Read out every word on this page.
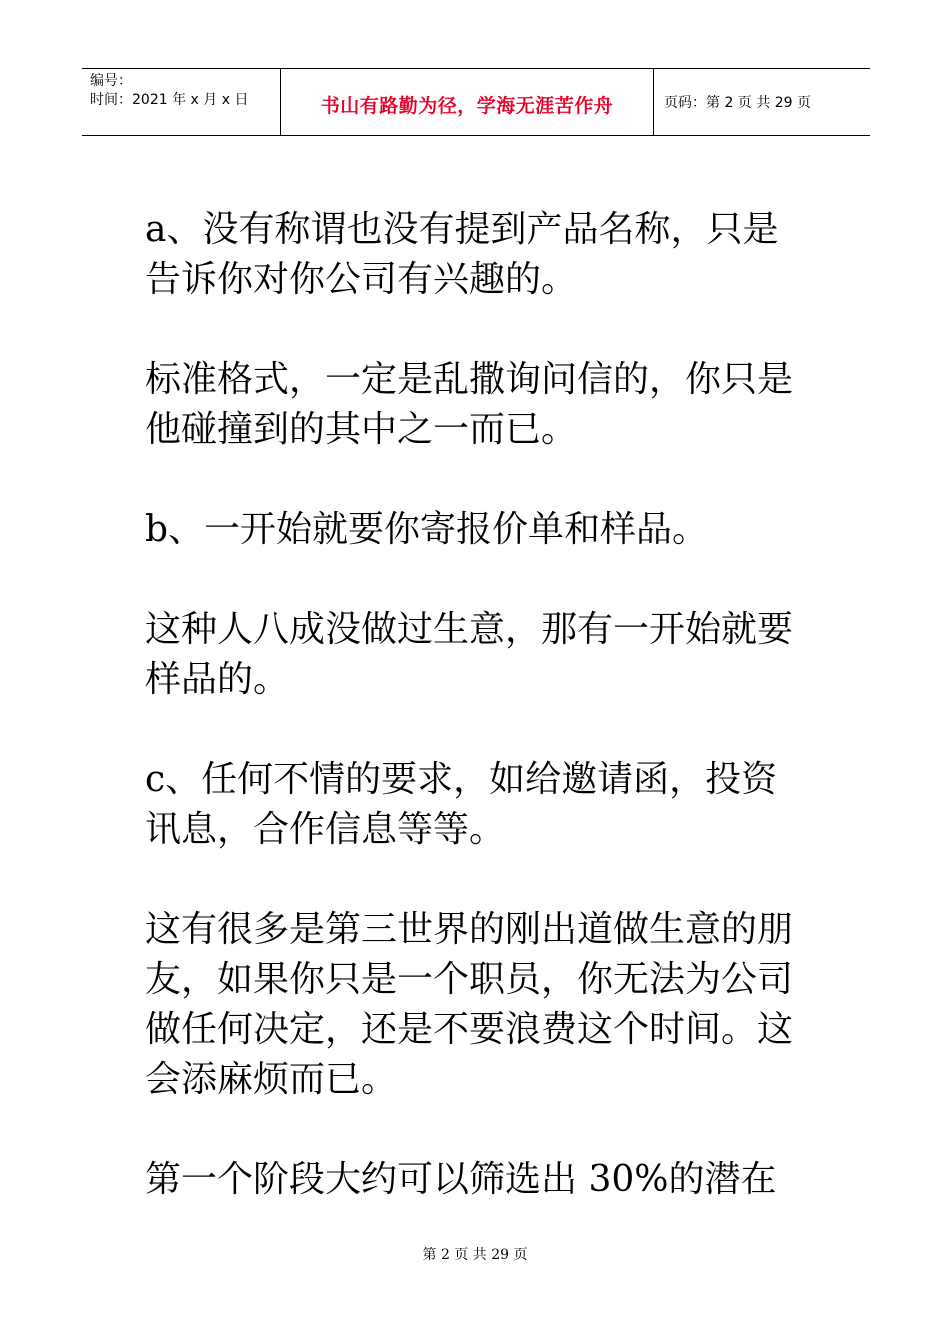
编号：
时间：2021 年 x 月 x 日	书山有路勤为径，学海无涯苦作舟	页码：第 2 页 共 29 页

a、没有称谓也没有提到产品名称，只是告诉你对你公司有兴趣的。

标准格式，一定是乱撒询问信的，你只是他碰撞到的其中之一而已。

b、一开始就要你寄报价单和样品。

这种人八成没做过生意，那有一开始就要样品的。

c、任何不情的要求，如给邀请函，投资讯息，合作信息等等。

这有很多是第三世界的刚出道做生意的朋友，如果你只是一个职员，你无法为公司做任何决定，还是不要浪费这个时间。这会添麻烦而已。

第一个阶段大约可以筛选出 30%的潜在

第 2 页 共 29 页
